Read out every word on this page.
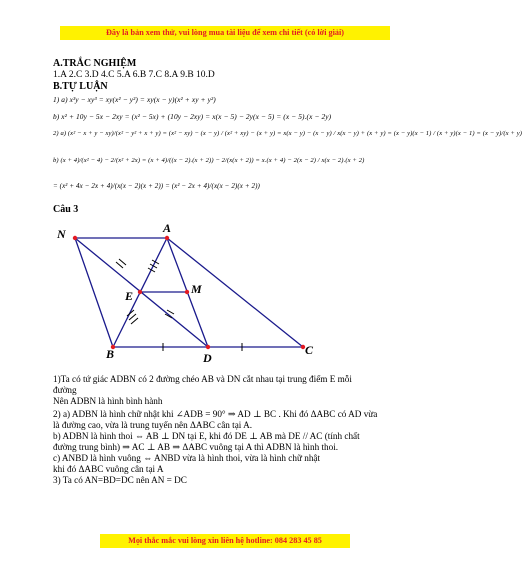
Đây là bản xem thử, vui lòng mua tài liệu để xem chi tiết (có lời giải)
A.TRẮC NGHIỆM
1.A 2.C 3.D 4.C 5.A 6.B 7.C 8.A 9.B 10.D
B.TỰ LUẬN
1) a) x³y − xy³ = xy(x² − y²) = xy(x − y)(x² + xy + y²)
b) x² + 10y − 5x − 2xy = (x² − 5x) + (10y − 2xy) = x(x − 5) − 2y(x − 5) = (x − 5).(x − 2y)
2) a) (x² − x + y − xy)/(x² − y² + x + y) = (x² − xy) − (x − y) / (x² + xy) − (x + y) = x(x − y) − (x − y) / x(x − y) + (x + y) = (x − y)(x − 1) / (x + y)(x − 1) = (x − y)/(x + y)
b) (x + 4)/(x² − 4) − 2/(x² + 2x) = (x + 4)/((x − 2).(x + 2)) − 2/(x(x + 2)) = x.(x + 4) − 2(x − 2) / x(x − 2).(x + 2)
= (x² + 4x − 2x + 4)/(x(x − 2)(x + 2)) = (x² − 2x + 4)/(x(x − 2)(x + 2))
Câu 3
N	A
E	M
B	D
C
1)Ta có tứ giác ADBN có 2 đường chéo AB và DN cắt nhau tại trung điểm E mỗi
đường
Nên ADBN là hình bình hành
2) a) ADBN là hình chữ nhật khi ∠ADB = 90° ⇒ AD ⊥ BC . Khi đó ΔABC có AD vừa
là đường cao, vừa là trung tuyến nên ΔABC cân tại A.
b) ADBN là hình thoi ⇔ AB ⊥ DN tại E, khi đó DE ⊥ AB mà DE // AC (tính chất
đường trung bình) ⇒ AC ⊥ AB ⇒ ΔABC vuông tại A thì ADBN là hình thoi.
c) ANBD là hình vuông ⇔ ANBD vừa là hình thoi, vừa là hình chữ nhật
khi đó ΔABC vuông cân tại A
3) Ta có AN=BD=DC nên AN = DC
Mọi thắc mắc vui lòng xin liên hệ hotline: 084 283 45 85
